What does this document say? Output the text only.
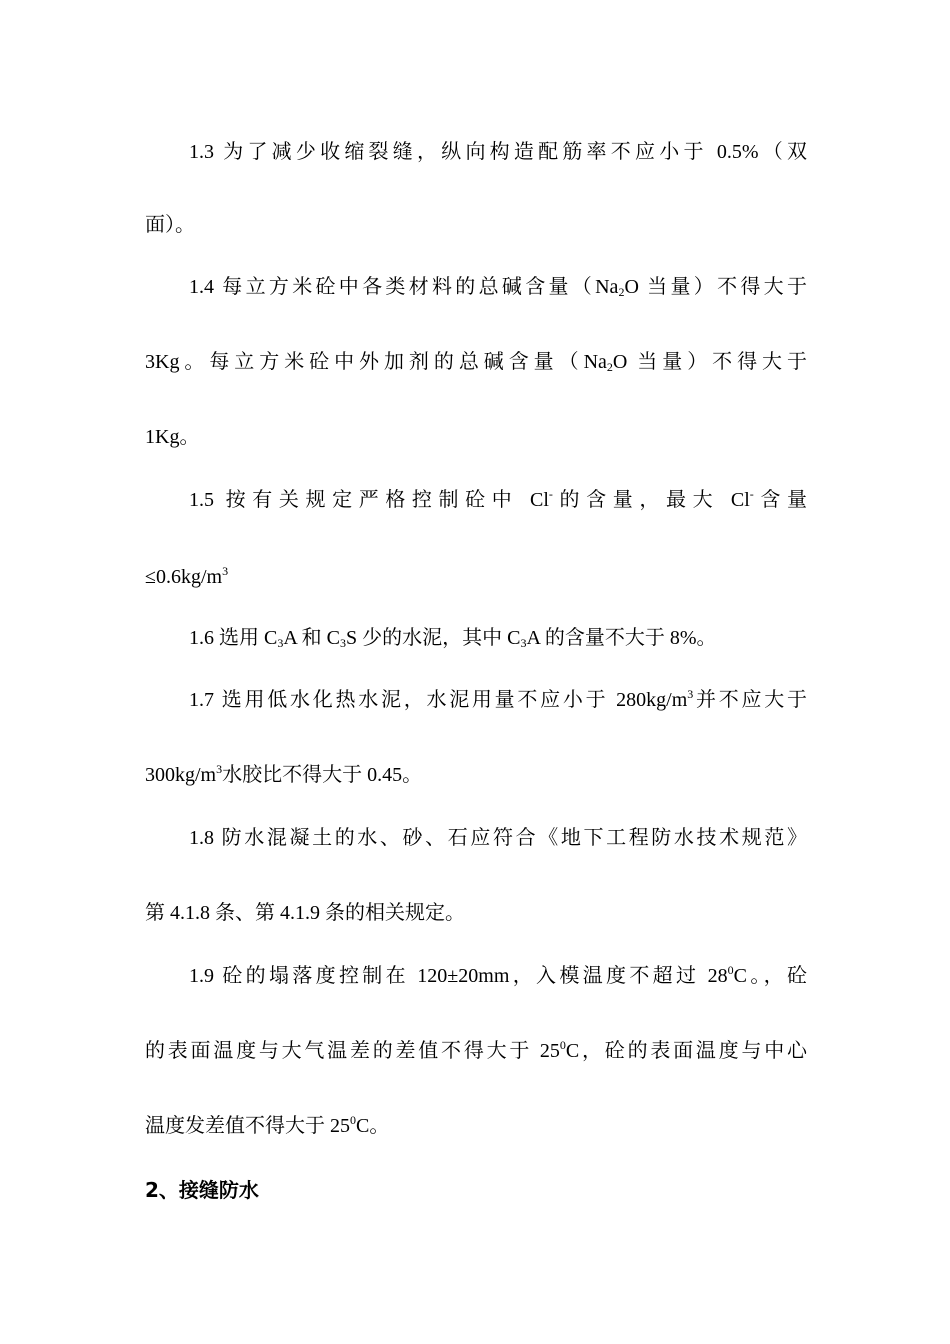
1.3 为了减少收缩裂缝，纵向构造配筋率不应小于 0.5%（双
面）。
1.4 每立方米砼中各类材料的总碱含量（$Na_2O$ 当量）不得大于
3Kg。每立方米砼中外加剂的总碱含量（$Na_2O$ 当量）不得大于
1Kg。
1.5 按有关规定严格控制砼中 Cl-的含量，最大 Cl-含量
$\le 0.6kg/m^3$
1.6 选用 $C_3A$ 和 $C_3S$ 少的水泥，其中 $C_3A$ 的含量不大于 8%。
1.7 选用低水化热水泥，水泥用量不应小于 $280kg/m^3$并不应大于
$300kg/m^3$水胶比不得大于 0.45。
1.8 防水混凝土的水、砂、石应符合《地下工程防水技术规范》
第 4.1.8 条、第 4.1.9 条的相关规定。
1.9 砼的塌落度控制在 120±20mm，入模温度不超过 $28^0C$。，砼
的表面温度与大气温差的差值不得大于 $25^0C$，砼的表面温度与中心
温度发差值不得大于 $25^0C$。
2、接缝防水
